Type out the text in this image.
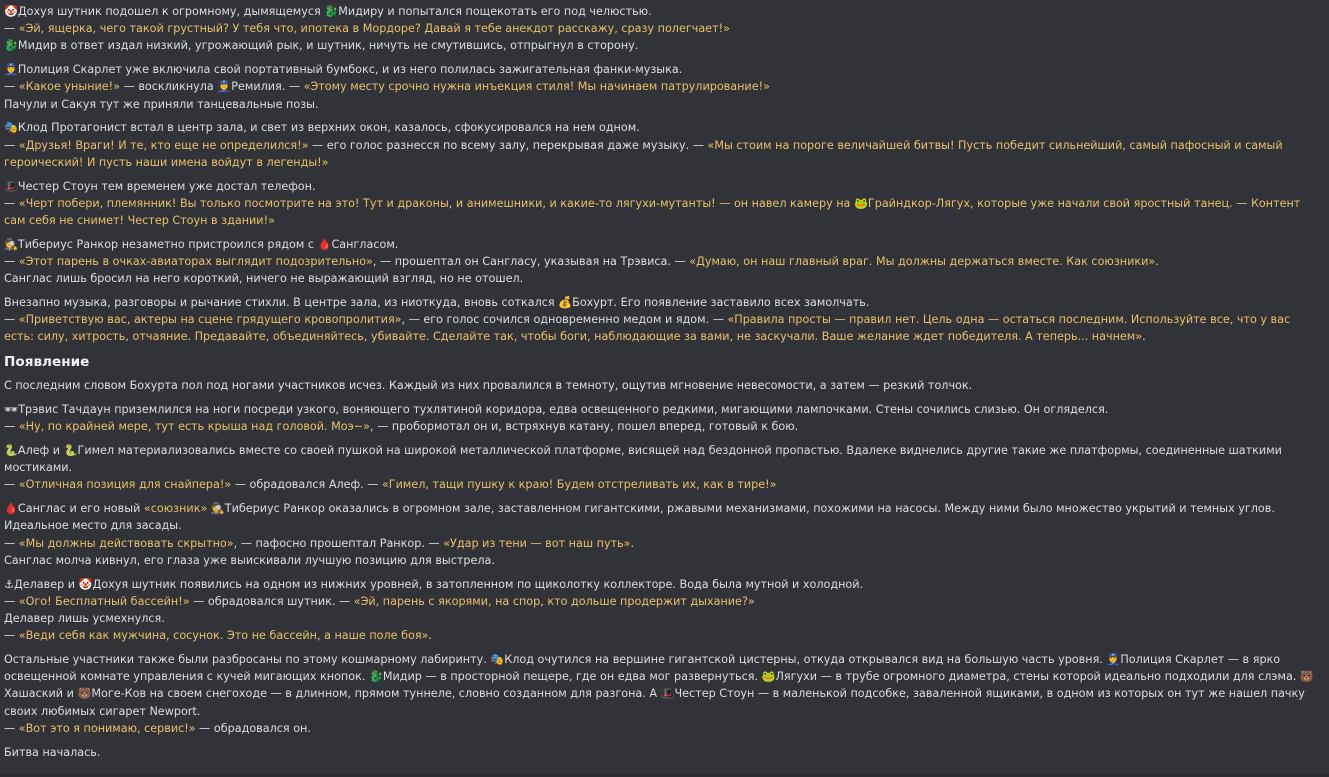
🤡Дохуя шутник подошел к огромному, дымящемуся 🐉Мидиру и попытался пощекотать его под челюстью.
— «Эй, ящерка, чего такой грустный? У тебя что, ипотека в Мордоре? Давай я тебе анекдот расскажу, сразу полегчает!»
🐉Мидир в ответ издал низкий, угрожающий рык, и шутник, ничуть не смутившись, отпрыгнул в сторону.
👮Полиция Скарлет уже включила свой портативный бумбокс, и из него полилась зажигательная фанки-музыка.
— «Какое уныние!» — воскликнула 👮Ремилия. — «Этому месту срочно нужна инъекция стиля! Мы начинаем патрулирование!»
Пачули и Сакуя тут же приняли танцевальные позы.
🎭Клод Протагонист встал в центр зала, и свет из верхних окон, казалось, сфокусировался на нем одном.
— «Друзья! Враги! И те, кто еще не определился!» — его голос разнесся по всему залу, перекрывая даже музыку. — «Мы стоим на пороге величайшей битвы! Пусть победит сильнейший, самый пафосный и самый героический! И пусть наши имена войдут в легенды!»
🎩Честер Стоун тем временем уже достал телефон.
— «Черт побери, племянник! Вы только посмотрите на это! Тут и драконы, и анимешники, и какие-то лягухи-мутанты! — он навел камеру на 🐸Грайндкор-Лягух, которые уже начали свой яростный танец. — Контент сам себя не снимет! Честер Стоун в здании!»
🕵Тибериус Ранкор незаметно пристроился рядом с 🩸Сангласом.
— «Этот парень в очках-авиаторах выглядит подозрительно», — прошептал он Сангласу, указывая на Трэвиса. — «Думаю, он наш главный враг. Мы должны держаться вместе. Как союзники».
Санглас лишь бросил на него короткий, ничего не выражающий взгляд, но не отошел.
Внезапно музыка, разговоры и рычание стихли. В центре зала, из ниоткуда, вновь соткался 💰Бохурт. Его появление заставило всех замолчать.
— «Приветствую вас, актеры на сцене грядущего кровопролития», — его голос сочился одновременно медом и ядом. — «Правила просты — правил нет. Цель одна — остаться последним. Используйте все, что у вас есть: силу, хитрость, отчаяние. Предавайте, объединяйтесь, убивайте. Сделайте так, чтобы боги, наблюдающие за вами, не заскучали. Ваше желание ждет победителя. А теперь... начнем».
Появление
С последним словом Бохурта пол под ногами участников исчез. Каждый из них провалился в темноту, ощутив мгновение невесомости, а затем — резкий толчок.
🕶Трэвис Тачдаун приземлился на ноги посреди узкого, воняющего тухлятиной коридора, едва освещенного редкими, мигающими лампочками. Стены сочились слизью. Он огляделся.
— «Ну, по крайней мере, тут есть крыша над головой. Моэ~», — пробормотал он и, встряхнув катану, пошел вперед, готовый к бою.
🐍Алеф и 🐍Гимел материализовались вместе со своей пушкой на широкой металлической платформе, висящей над бездонной пропастью. Вдалеке виднелись другие такие же платформы, соединенные шаткими мостиками.
— «Отличная позиция для снайпера!» — обрадовался Алеф. — «Гимел, тащи пушку к краю! Будем отстреливать их, как в тире!»
🩸Санглас и его новый «союзник» 🕵Тибериус Ранкор оказались в огромном зале, заставленном гигантскими, ржавыми механизмами, похожими на насосы. Между ними было множество укрытий и темных углов. Идеальное место для засады.
— «Мы должны действовать скрытно», — пафосно прошептал Ранкор. — «Удар из тени — вот наш путь».
Санглас молча кивнул, его глаза уже выискивали лучшую позицию для выстрела.
⚓Делавер и 🤡Дохуя шутник появились на одном из нижних уровней, в затопленном по щиколотку коллекторе. Вода была мутной и холодной.
— «Ого! Бесплатный бассейн!» — обрадовался шутник. — «Эй, парень с якорями, на спор, кто дольше продержит дыхание?»
Делавер лишь усмехнулся.
— «Веди себя как мужчина, сосунок. Это не бассейн, а наше поле боя».
Остальные участники также были разбросаны по этому кошмарному лабиринту. 🎭Клод очутился на вершине гигантской цистерны, откуда открывался вид на большую часть уровня. 👮Полиция Скарлет — в ярко освещенной комнате управления с кучей мигающих кнопок. 🐉Мидир — в просторной пещере, где он едва мог развернуться. 🐸Лягухи — в трубе огромного диаметра, стены которой идеально подходили для слэма. 🐻Хашаский и 🐻Моге-Ков на своем снегоходе — в длинном, прямом туннеле, словно созданном для разгона. А 🎩Честер Стоун — в маленькой подсобке, заваленной ящиками, в одном из которых он тут же нашел пачку своих любимых сигарет Newport.
— «Вот это я понимаю, сервис!» — обрадовался он.
Битва началась.
